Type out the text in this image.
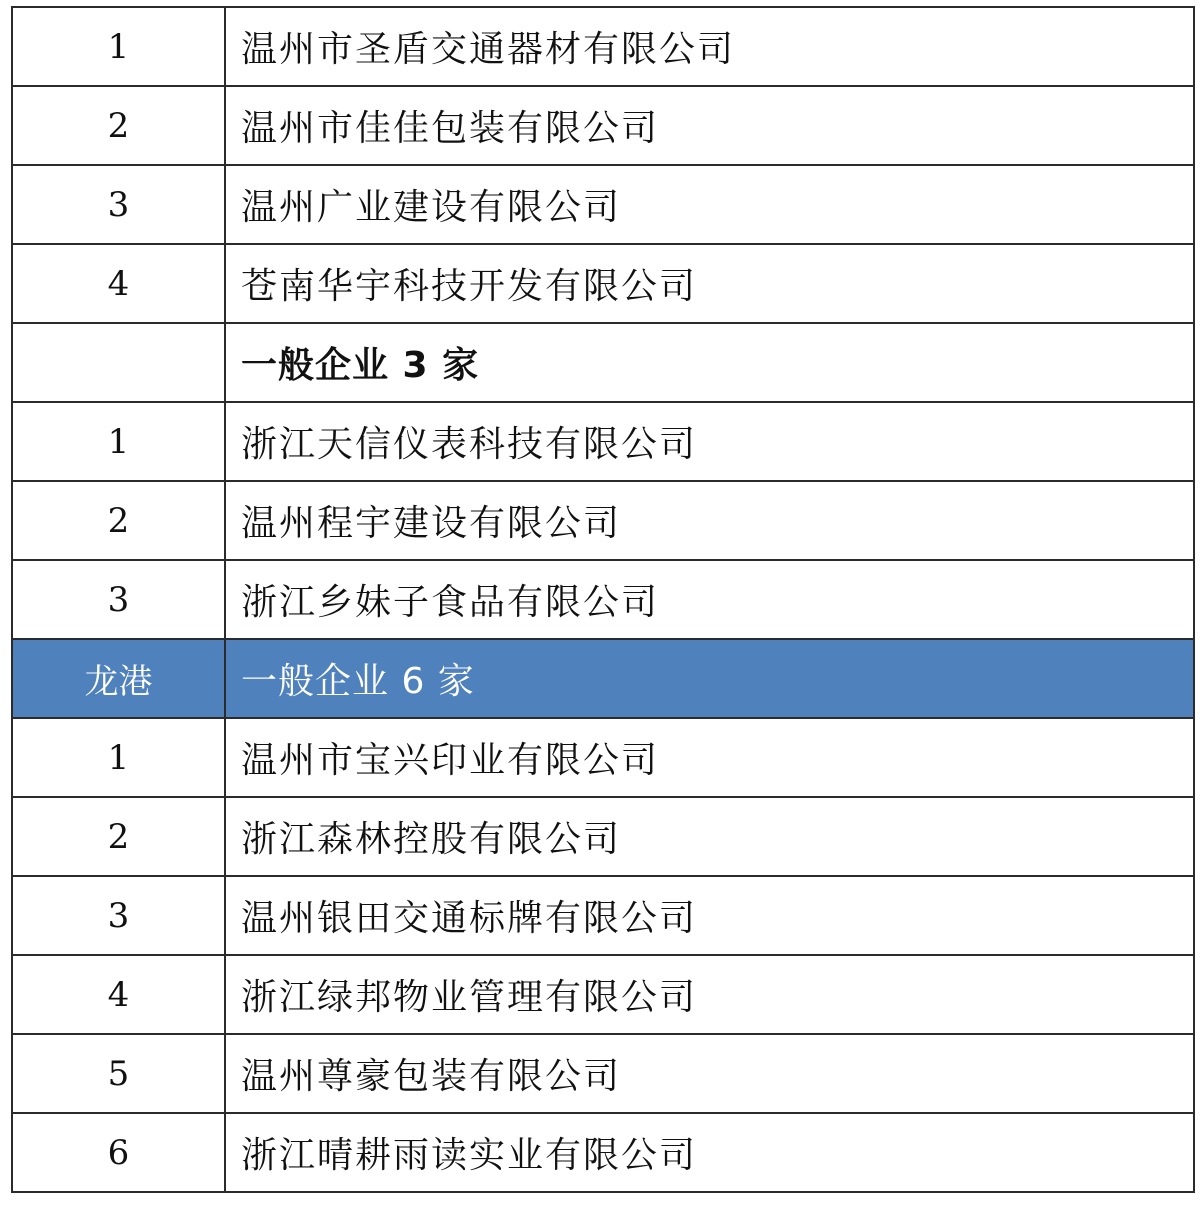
1	温州市圣盾交通器材有限公司
2	温州市佳佳包装有限公司
3	温州广业建设有限公司
4	苍南华宇科技开发有限公司
	一般企业 3 家
1	浙江天信仪表科技有限公司
2	温州程宇建设有限公司
3	浙江乡妹子食品有限公司
龙港	一般企业 6 家
1	温州市宝兴印业有限公司
2	浙江森林控股有限公司
3	温州银田交通标牌有限公司
4	浙江绿邦物业管理有限公司
5	温州尊豪包装有限公司
6	浙江晴耕雨读实业有限公司
